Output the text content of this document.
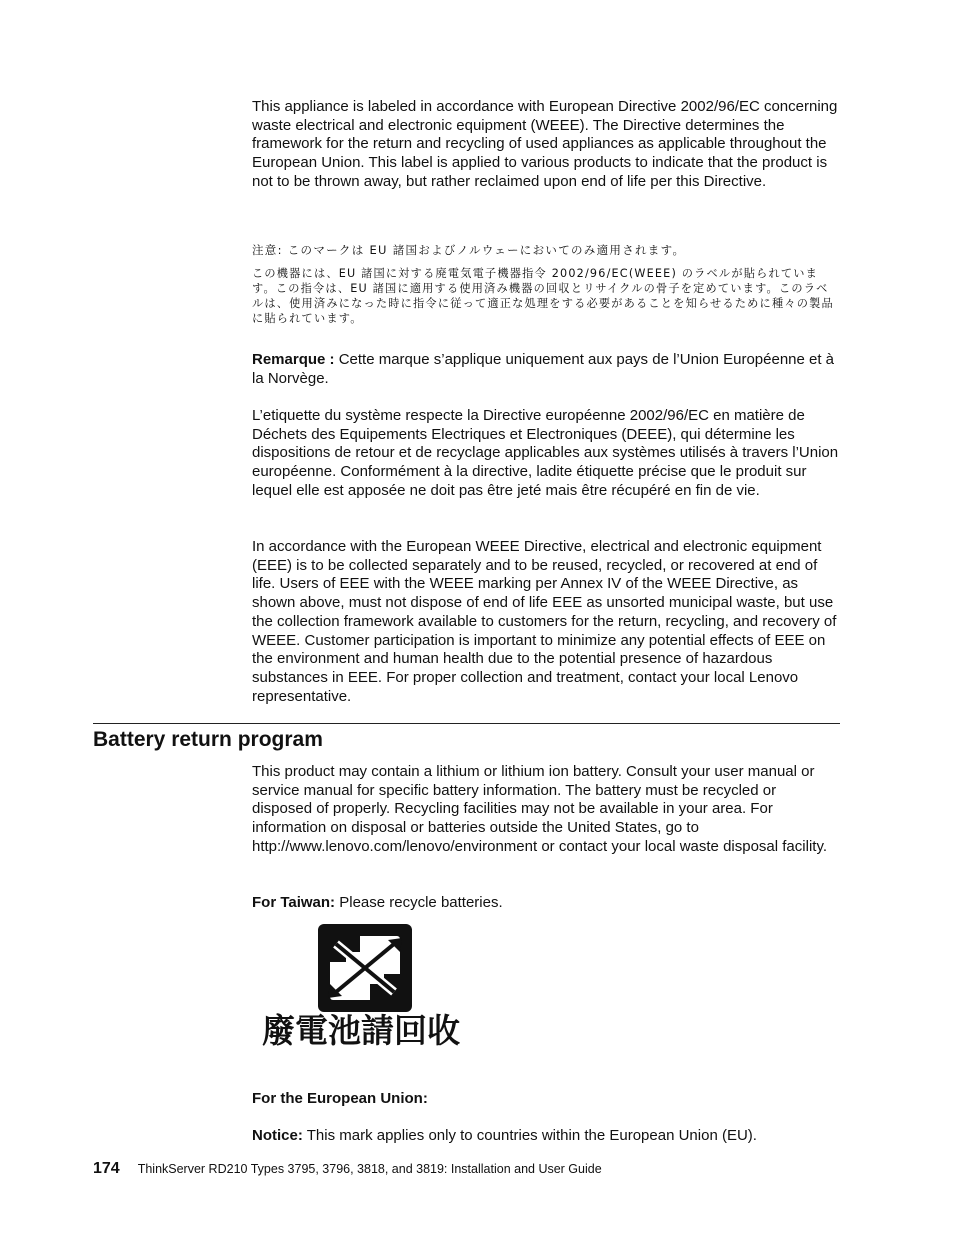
This appliance is labeled in accordance with European Directive 2002/96/EC concerning waste electrical and electronic equipment (WEEE). The Directive determines the framework for the return and recycling of used appliances as applicable throughout the European Union. This label is applied to various products to indicate that the product is not to be thrown away, but rather reclaimed upon end of life per this Directive.

注意: このマークは EU 諸国およびノルウェーにおいてのみ適用されます。

この機器には、EU 諸国に対する廃電気電子機器指令 2002/96/EC(WEEE) のラベルが貼られています。この指令は、EU 諸国に適用する使用済み機器の回収とリサイクルの骨子を定めています。このラベルは、使用済みになった時に指令に従って適正な処理をする必要があることを知らせるために種々の製品に貼られています。

Remarque : Cette marque s’applique uniquement aux pays de l’Union Européenne et à la Norvège.

L’etiquette du système respecte la Directive européenne 2002/96/EC en matière de Déchets des Equipements Electriques et Electroniques (DEEE), qui détermine les dispositions de retour et de recyclage applicables aux systèmes utilisés à travers l’Union européenne. Conformément à la directive, ladite étiquette précise que le produit sur lequel elle est apposée ne doit pas être jeté mais être récupéré en fin de vie.

In accordance with the European WEEE Directive, electrical and electronic equipment (EEE) is to be collected separately and to be reused, recycled, or recovered at end of life. Users of EEE with the WEEE marking per Annex IV of the WEEE Directive, as shown above, must not dispose of end of life EEE as unsorted municipal waste, but use the collection framework available to customers for the return, recycling, and recovery of WEEE. Customer participation is important to minimize any potential effects of EEE on the environment and human health due to the potential presence of hazardous substances in EEE. For proper collection and treatment, contact your local Lenovo representative.

Battery return program

This product may contain a lithium or lithium ion battery. Consult your user manual or service manual for specific battery information. The battery must be recycled or disposed of properly. Recycling facilities may not be available in your area. For information on disposal or batteries outside the United States, go to http://www.lenovo.com/lenovo/environment or contact your local waste disposal facility.

For Taiwan: Please recycle batteries.

廢電池請回收

For the European Union:

Notice: This mark applies only to countries within the European Union (EU).

174 ThinkServer RD210 Types 3795, 3796, 3818, and 3819: Installation and User Guide
